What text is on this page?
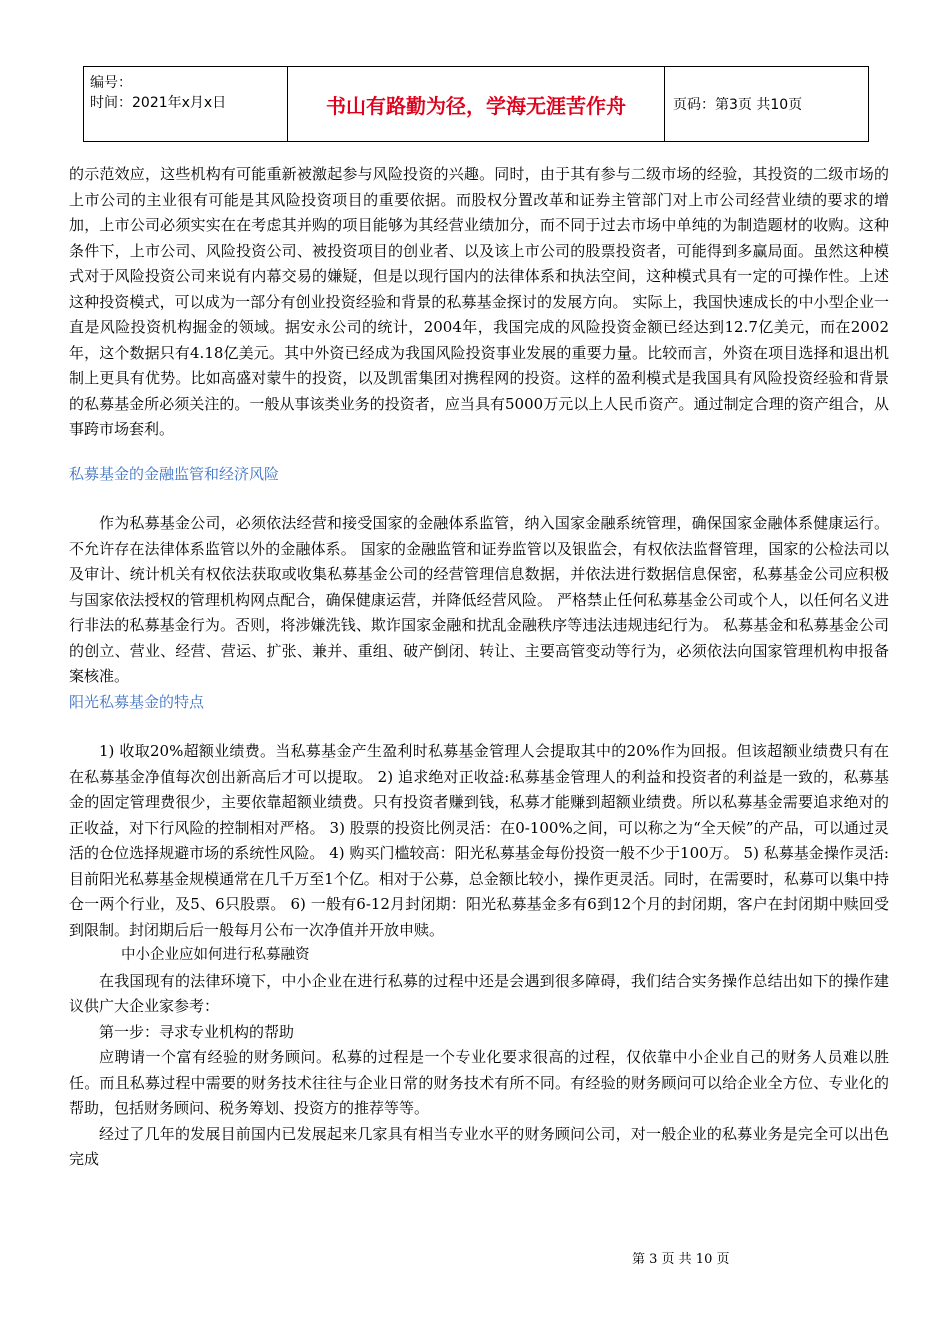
编号：
时间：2021年x月x日	书山有路勤为径，学海无涯苦作舟	页码：第3页 共10页

的示范效应，这些机构有可能重新被激起参与风险投资的兴趣。同时，由于其有参与二级市场的经验，其投资的二级市场的上市公司的主业很有可能是其风险投资项目的重要依据。而股权分置改革和证券主管部门对上市公司经营业绩的要求的增加，上市公司必须实实在在考虑其并购的项目能够为其经营业绩加分，而不同于过去市场中单纯的为制造题材的收购。这种条件下，上市公司、风险投资公司、被投资项目的创业者、以及该上市公司的股票投资者，可能得到多赢局面。虽然这种模式对于风险投资公司来说有内幕交易的嫌疑，但是以现行国内的法律体系和执法空间，这种模式具有一定的可操作性。上述这种投资模式，可以成为一部分有创业投资经验和背景的私募基金探讨的发展方向。 实际上，我国快速成长的中小型企业一直是风险投资机构掘金的领域。据安永公司的统计，2004年，我国完成的风险投资金额已经达到12.7亿美元，而在2002年，这个数据只有4.18亿美元。其中外资已经成为我国风险投资事业发展的重要力量。比较而言，外资在项目选择和退出机制上更具有优势。比如高盛对蒙牛的投资，以及凯雷集团对携程网的投资。这样的盈利模式是我国具有风险投资经验和背景的私募基金所必须关注的。一般从事该类业务的投资者，应当具有5000万元以上人民币资产。通过制定合理的资产组合，从事跨市场套利。

私募基金的金融监管和经济风险

作为私募基金公司，必须依法经营和接受国家的金融体系监管，纳入国家金融系统管理，确保国家金融体系健康运行。不允许存在法律体系监管以外的金融体系。 国家的金融监管和证券监管以及银监会，有权依法监督管理，国家的公检法司以及审计、统计机关有权依法获取或收集私募基金公司的经营管理信息数据，并依法进行数据信息保密，私募基金公司应积极与国家依法授权的管理机构网点配合，确保健康运营，并降低经营风险。 严格禁止任何私募基金公司或个人，以任何名义进行非法的私募基金行为。否则，将涉嫌洗钱、欺诈国家金融和扰乱金融秩序等违法违规违纪行为。 私募基金和私募基金公司的创立、营业、经营、营运、扩张、兼并、重组、破产倒闭、转让、主要高管变动等行为，必须依法向国家管理机构申报备案核准。

阳光私募基金的特点

1) 收取20%超额业绩费。当私募基金产生盈利时私募基金管理人会提取其中的20%作为回报。但该超额业绩费只有在在私募基金净值每次创出新高后才可以提取。 2) 追求绝对正收益:私募基金管理人的利益和投资者的利益是一致的，私募基金的固定管理费很少，主要依靠超额业绩费。只有投资者赚到钱，私募才能赚到超额业绩费。所以私募基金需要追求绝对的正收益，对下行风险的控制相对严格。 3) 股票的投资比例灵活：在0-100%之间，可以称之为“全天候”的产品，可以通过灵活的仓位选择规避市场的系统性风险。 4) 购买门槛较高：阳光私募基金每份投资一般不少于100万。 5) 私募基金操作灵活:目前阳光私募基金规模通常在几千万至1个亿。相对于公募，总金额比较小，操作更灵活。同时，在需要时，私募可以集中持仓一两个行业，及5、6只股票。 6) 一般有6-12月封闭期：阳光私募基金多有6到12个月的封闭期，客户在封闭期中赎回受到限制。封闭期后后一般每月公布一次净值并开放申赎。

中小企业应如何进行私募融资

在我国现有的法律环境下，中小企业在进行私募的过程中还是会遇到很多障碍，我们结合实务操作总结出如下的操作建议供广大企业家参考：

第一步：寻求专业机构的帮助

应聘请一个富有经验的财务顾问。私募的过程是一个专业化要求很高的过程，仅依靠中小企业自己的财务人员难以胜任。而且私募过程中需要的财务技术往往与企业日常的财务技术有所不同。有经验的财务顾问可以给企业全方位、专业化的帮助，包括财务顾问、税务筹划、投资方的推荐等等。

经过了几年的发展目前国内已发展起来几家具有相当专业水平的财务顾问公司，对一般企业的私募业务是完全可以出色完成

第 3 页 共 10 页
